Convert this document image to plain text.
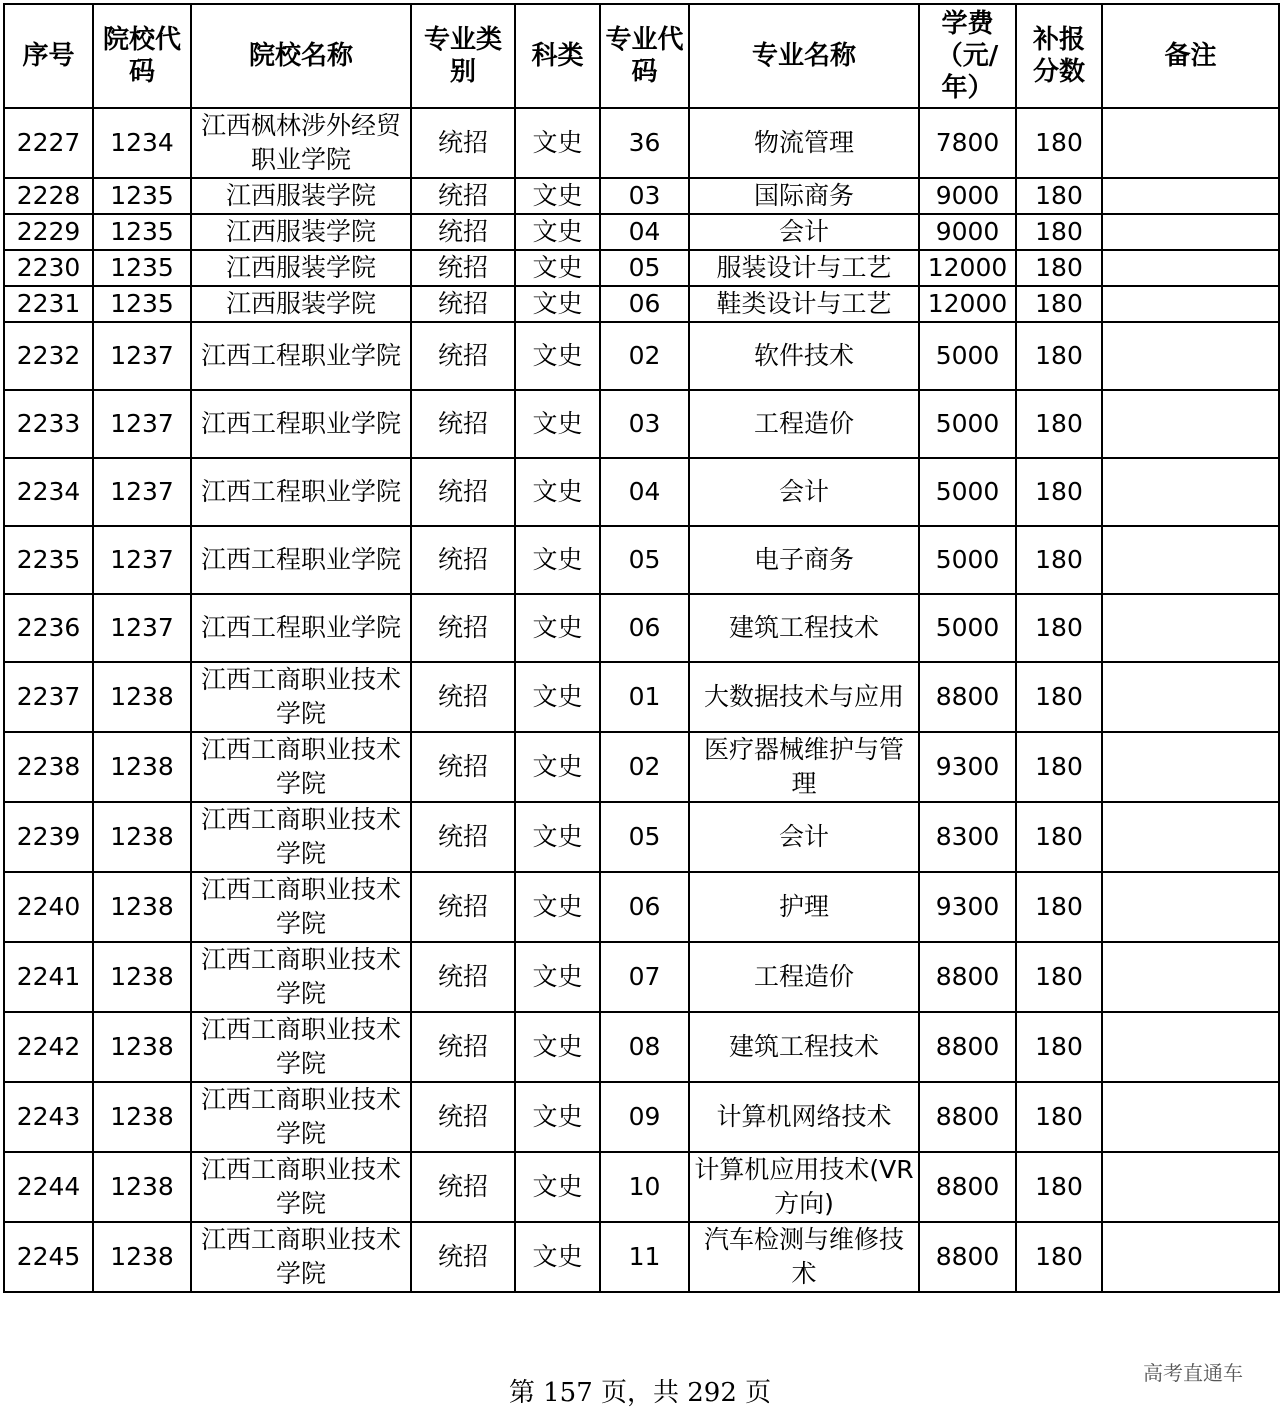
序号	院校代码	院校名称	专业类别	科类	专业代码	专业名称	学费（元/年）	补报分数	备注
2227	1234	江西枫林涉外经贸职业学院	统招	文史	36	物流管理	7800	180	
2228	1235	江西服装学院	统招	文史	03	国际商务	9000	180	
2229	1235	江西服装学院	统招	文史	04	会计	9000	180	
2230	1235	江西服装学院	统招	文史	05	服装设计与工艺	12000	180	
2231	1235	江西服装学院	统招	文史	06	鞋类设计与工艺	12000	180	
2232	1237	江西工程职业学院	统招	文史	02	软件技术	5000	180	
2233	1237	江西工程职业学院	统招	文史	03	工程造价	5000	180	
2234	1237	江西工程职业学院	统招	文史	04	会计	5000	180	
2235	1237	江西工程职业学院	统招	文史	05	电子商务	5000	180	
2236	1237	江西工程职业学院	统招	文史	06	建筑工程技术	5000	180	
2237	1238	江西工商职业技术学院	统招	文史	01	大数据技术与应用	8800	180	
2238	1238	江西工商职业技术学院	统招	文史	02	医疗器械维护与管理	9300	180	
2239	1238	江西工商职业技术学院	统招	文史	05	会计	8300	180	
2240	1238	江西工商职业技术学院	统招	文史	06	护理	9300	180	
2241	1238	江西工商职业技术学院	统招	文史	07	工程造价	8800	180	
2242	1238	江西工商职业技术学院	统招	文史	08	建筑工程技术	8800	180	
2243	1238	江西工商职业技术学院	统招	文史	09	计算机网络技术	8800	180	
2244	1238	江西工商职业技术学院	统招	文史	10	计算机应用技术(VR方向)	8800	180	
2245	1238	江西工商职业技术学院	统招	文史	11	汽车检测与维修技术	8800	180	
第 157 页，共 292 页
高考直通车
